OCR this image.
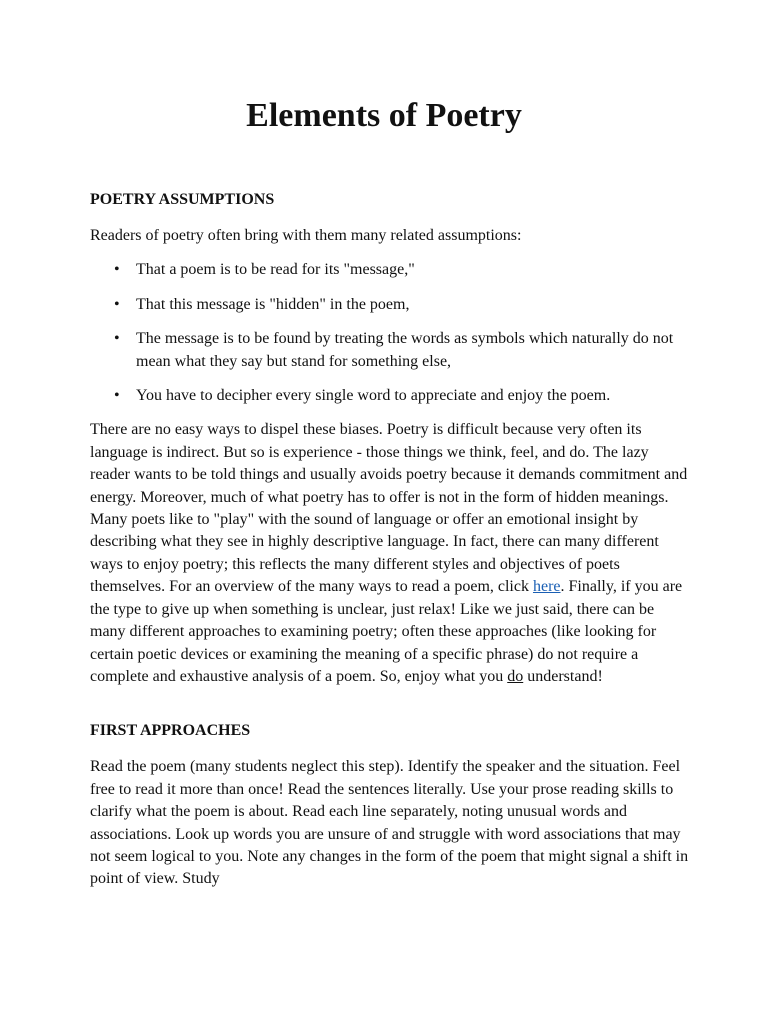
Elements of Poetry

POETRY ASSUMPTIONS

Readers of poetry often bring with them many related assumptions:

• That a poem is to be read for its "message,"
• That this message is "hidden" in the poem,
• The message is to be found by treating the words as symbols which naturally do not mean what they say but stand for something else,
• You have to decipher every single word to appreciate and enjoy the poem.

There are no easy ways to dispel these biases. Poetry is difficult because very often its language is indirect. But so is experience - those things we think, feel, and do. The lazy reader wants to be told things and usually avoids poetry because it demands commitment and energy. Moreover, much of what poetry has to offer is not in the form of hidden meanings. Many poets like to "play" with the sound of language or offer an emotional insight by describing what they see in highly descriptive language. In fact, there can many different ways to enjoy poetry; this reflects the many different styles and objectives of poets themselves. For an overview of the many ways to read a poem, click here. Finally, if you are the type to give up when something is unclear, just relax! Like we just said, there can be many different approaches to examining poetry; often these approaches (like looking for certain poetic devices or examining the meaning of a specific phrase) do not require a complete and exhaustive analysis of a poem. So, enjoy what you do understand!

FIRST APPROACHES

Read the poem (many students neglect this step). Identify the speaker and the situation. Feel free to read it more than once! Read the sentences literally. Use your prose reading skills to clarify what the poem is about. Read each line separately, noting unusual words and associations. Look up words you are unsure of and struggle with word associations that may not seem logical to you. Note any changes in the form of the poem that might signal a shift in point of view. Study
